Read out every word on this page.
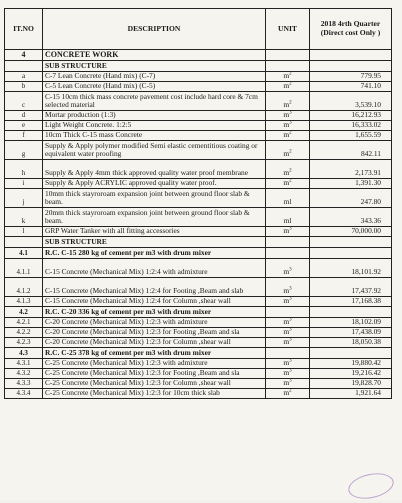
IT.NO	DESCRIPTION	UNIT	2018 4rth Quarter (Direct cost Only )
4	CONCRETE WORK		
	SUB STRUCTURE		
a	C-7 Lean Concrete (Hand mix) (C-7)	$m^2$	779.95
b	C-5 Lean Concrete (Hand mix) (C-5)	$m^2$	741.10
c	C-15 10cm thick mass concrete pavement cost include hard core & 7cm selected material	$m^2$	3,539.10
d	Mortar production (1:3)	$m^3$	16,212.93
e	Light Weight Concrete. 1:2:5	$m^3$	16,333.02
f	10cm Thick C-15 mass Concrete	$m^2$	1,655.59
g	Supply & Apply polymer modified Semi elastic cementitious coating or equivalent water proofing	$m^2$	842.11
h	Supply & Apply 4mm thick approved quality water proof membrane	$m^2$	2,173.91
i	Supply & Apply ACRYLIC approved quality water proof.	$m^2$	1,391.30
j	10mm thick stayroroam expansion joint between ground floor slab & beam.	ml	247.80
k	20mm thick stayroroam expansion joint between ground floor slab & beam.	ml	343.36
l	GRP Water Tanker with all fitting accessories	$m^3$	70,000.00
	SUB STRUCTURE		
4.1	R.C. C-15 280 kg of cement per m3 with drum mixer		
4.1.1	C-15 Concrete (Mechanical Mix) 1:2:4 with admixture	$m^3$	18,101.92
4.1.2	C-15 Concrete (Mechanical Mix) 1:2:4 for Footing ,Beam and slab	$m^3$	17,437.92
4.1.3	C-15 Concrete (Mechanical Mix) 1:2:4 for Column ,shear wall	$m^3$	17,168.38
4.2	R.C. C-20 336 kg of cement per m3 with drum mixer		
4.2.1	C-20 Concrete (Mechanical Mix) 1:2:3 with admixture	$m^3$	18,102.09
4.2.2	C-20 Concrete (Mechanical Mix) 1:2:3 for Footing ,Beam and sla	$m^3$	17,438.09
4.2.3	C-20 Concrete (Mechanical Mix) 1:2:3 for Column ,shear wall	$m^3$	18,050.38
4.3	R.C. C-25 378 kg of cement per m3 with drum mixer		
4.3.1	C-25 Concrete (Mechanical Mix) 1:2:3 with admixture	$m^3$	19,880.42
4.3.2	C-25 Concrete (Mechanical Mix) 1:2:3 for Footing ,Beam and sla	$m^3$	19,216.42
4.3.3	C-25 Concrete (Mechanical Mix) 1:2:3 for Column ,shear wall	$m^3$	19,828.70
4.3.4	C-25 Concrete (Mechanical Mix) 1:2:3 for 10cm thick slab	$m^2$	1,921.64
